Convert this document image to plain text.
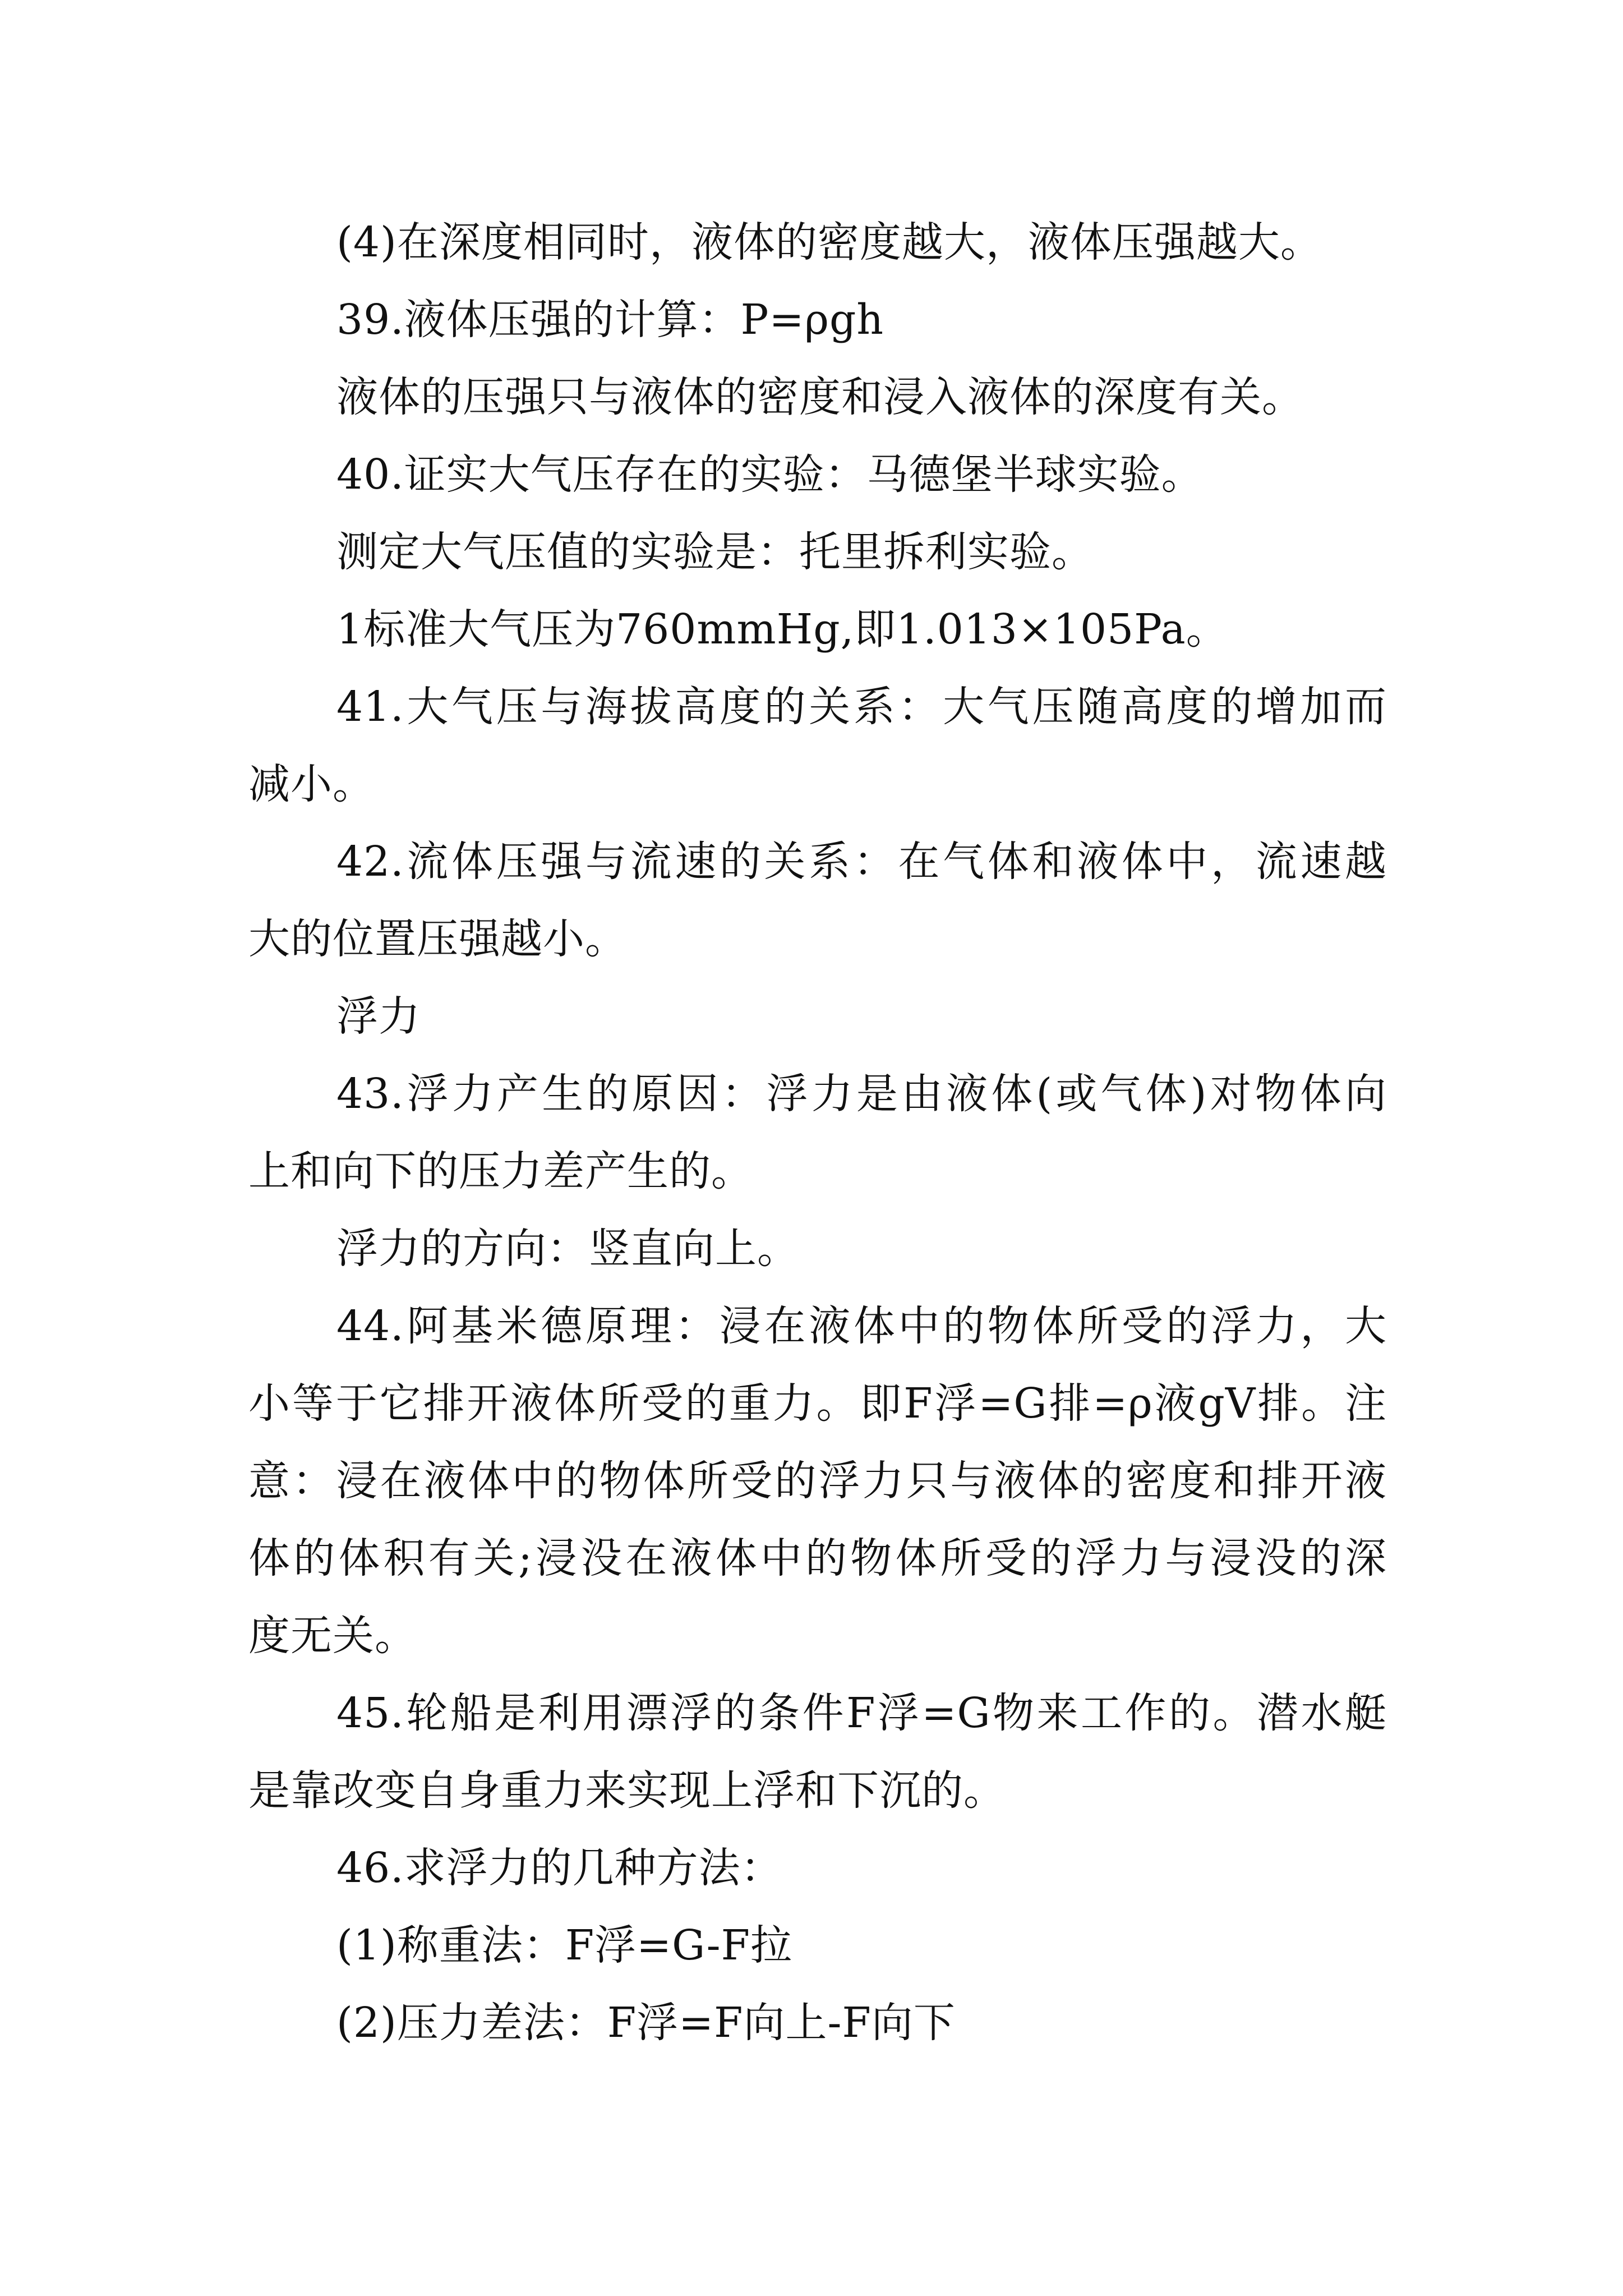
(4)在深度相同时，液体的密度越大，液体压强越大。
39.液体压强的计算：P=ρgh
液体的压强只与液体的密度和浸入液体的深度有关。
40.证实大气压存在的实验：马德堡半球实验。
测定大气压值的实验是：托里拆利实验。
1标准大气压为760mmHg,即1.013×105Pa。
41.大气压与海拔高度的关系：大气压随高度的增加而
减小。
42.流体压强与流速的关系：在气体和液体中，流速越
大的位置压强越小。
浮力
43.浮力产生的原因：浮力是由液体(或气体)对物体向
上和向下的压力差产生的。
浮力的方向：竖直向上。
44.阿基米德原理：浸在液体中的物体所受的浮力，大
小等于它排开液体所受的重力。即F浮=G排=ρ液gV排。注
意：浸在液体中的物体所受的浮力只与液体的密度和排开液
体的体积有关;浸没在液体中的物体所受的浮力与浸没的深
度无关。
45.轮船是利用漂浮的条件F浮=G物来工作的。潜水艇
是靠改变自身重力来实现上浮和下沉的。
46.求浮力的几种方法：
(1)称重法：F浮=G-F拉
(2)压力差法：F浮=F向上-F向下
